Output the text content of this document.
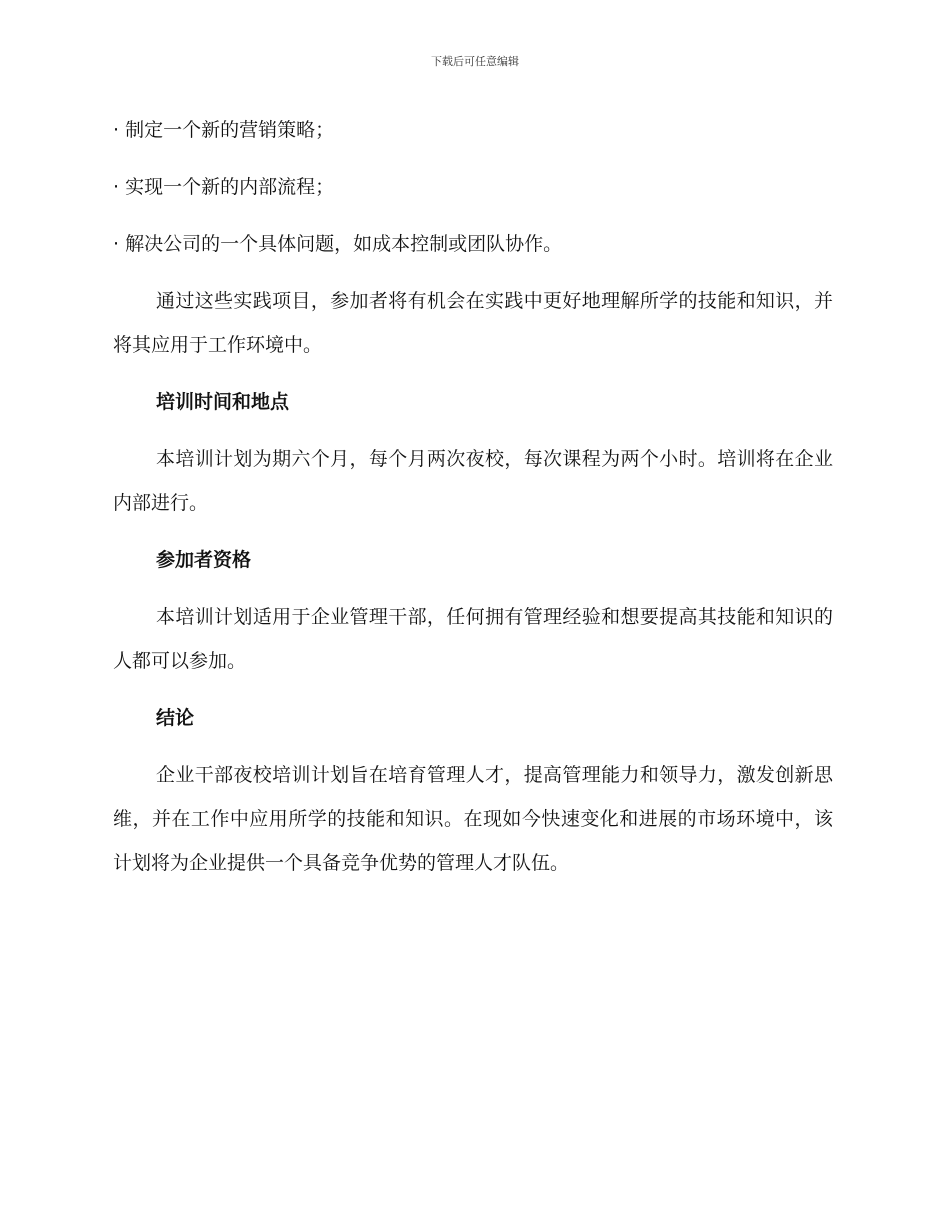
下载后可任意编辑
· 制定一个新的营销策略；
· 实现一个新的内部流程；
· 解决公司的一个具体问题，如成本控制或团队协作。

通过这些实践项目，参加者将有机会在实践中更好地理解所学的技能和知识，并将其应用于工作环境中。

培训时间和地点

本培训计划为期六个月，每个月两次夜校，每次课程为两个小时。培训将在企业内部进行。

参加者资格

本培训计划适用于企业管理干部，任何拥有管理经验和想要提高其技能和知识的人都可以参加。

结论

企业干部夜校培训计划旨在培育管理人才，提高管理能力和领导力，激发创新思维，并在工作中应用所学的技能和知识。在现如今快速变化和进展的市场环境中，该计划将为企业提供一个具备竞争优势的管理人才队伍。
